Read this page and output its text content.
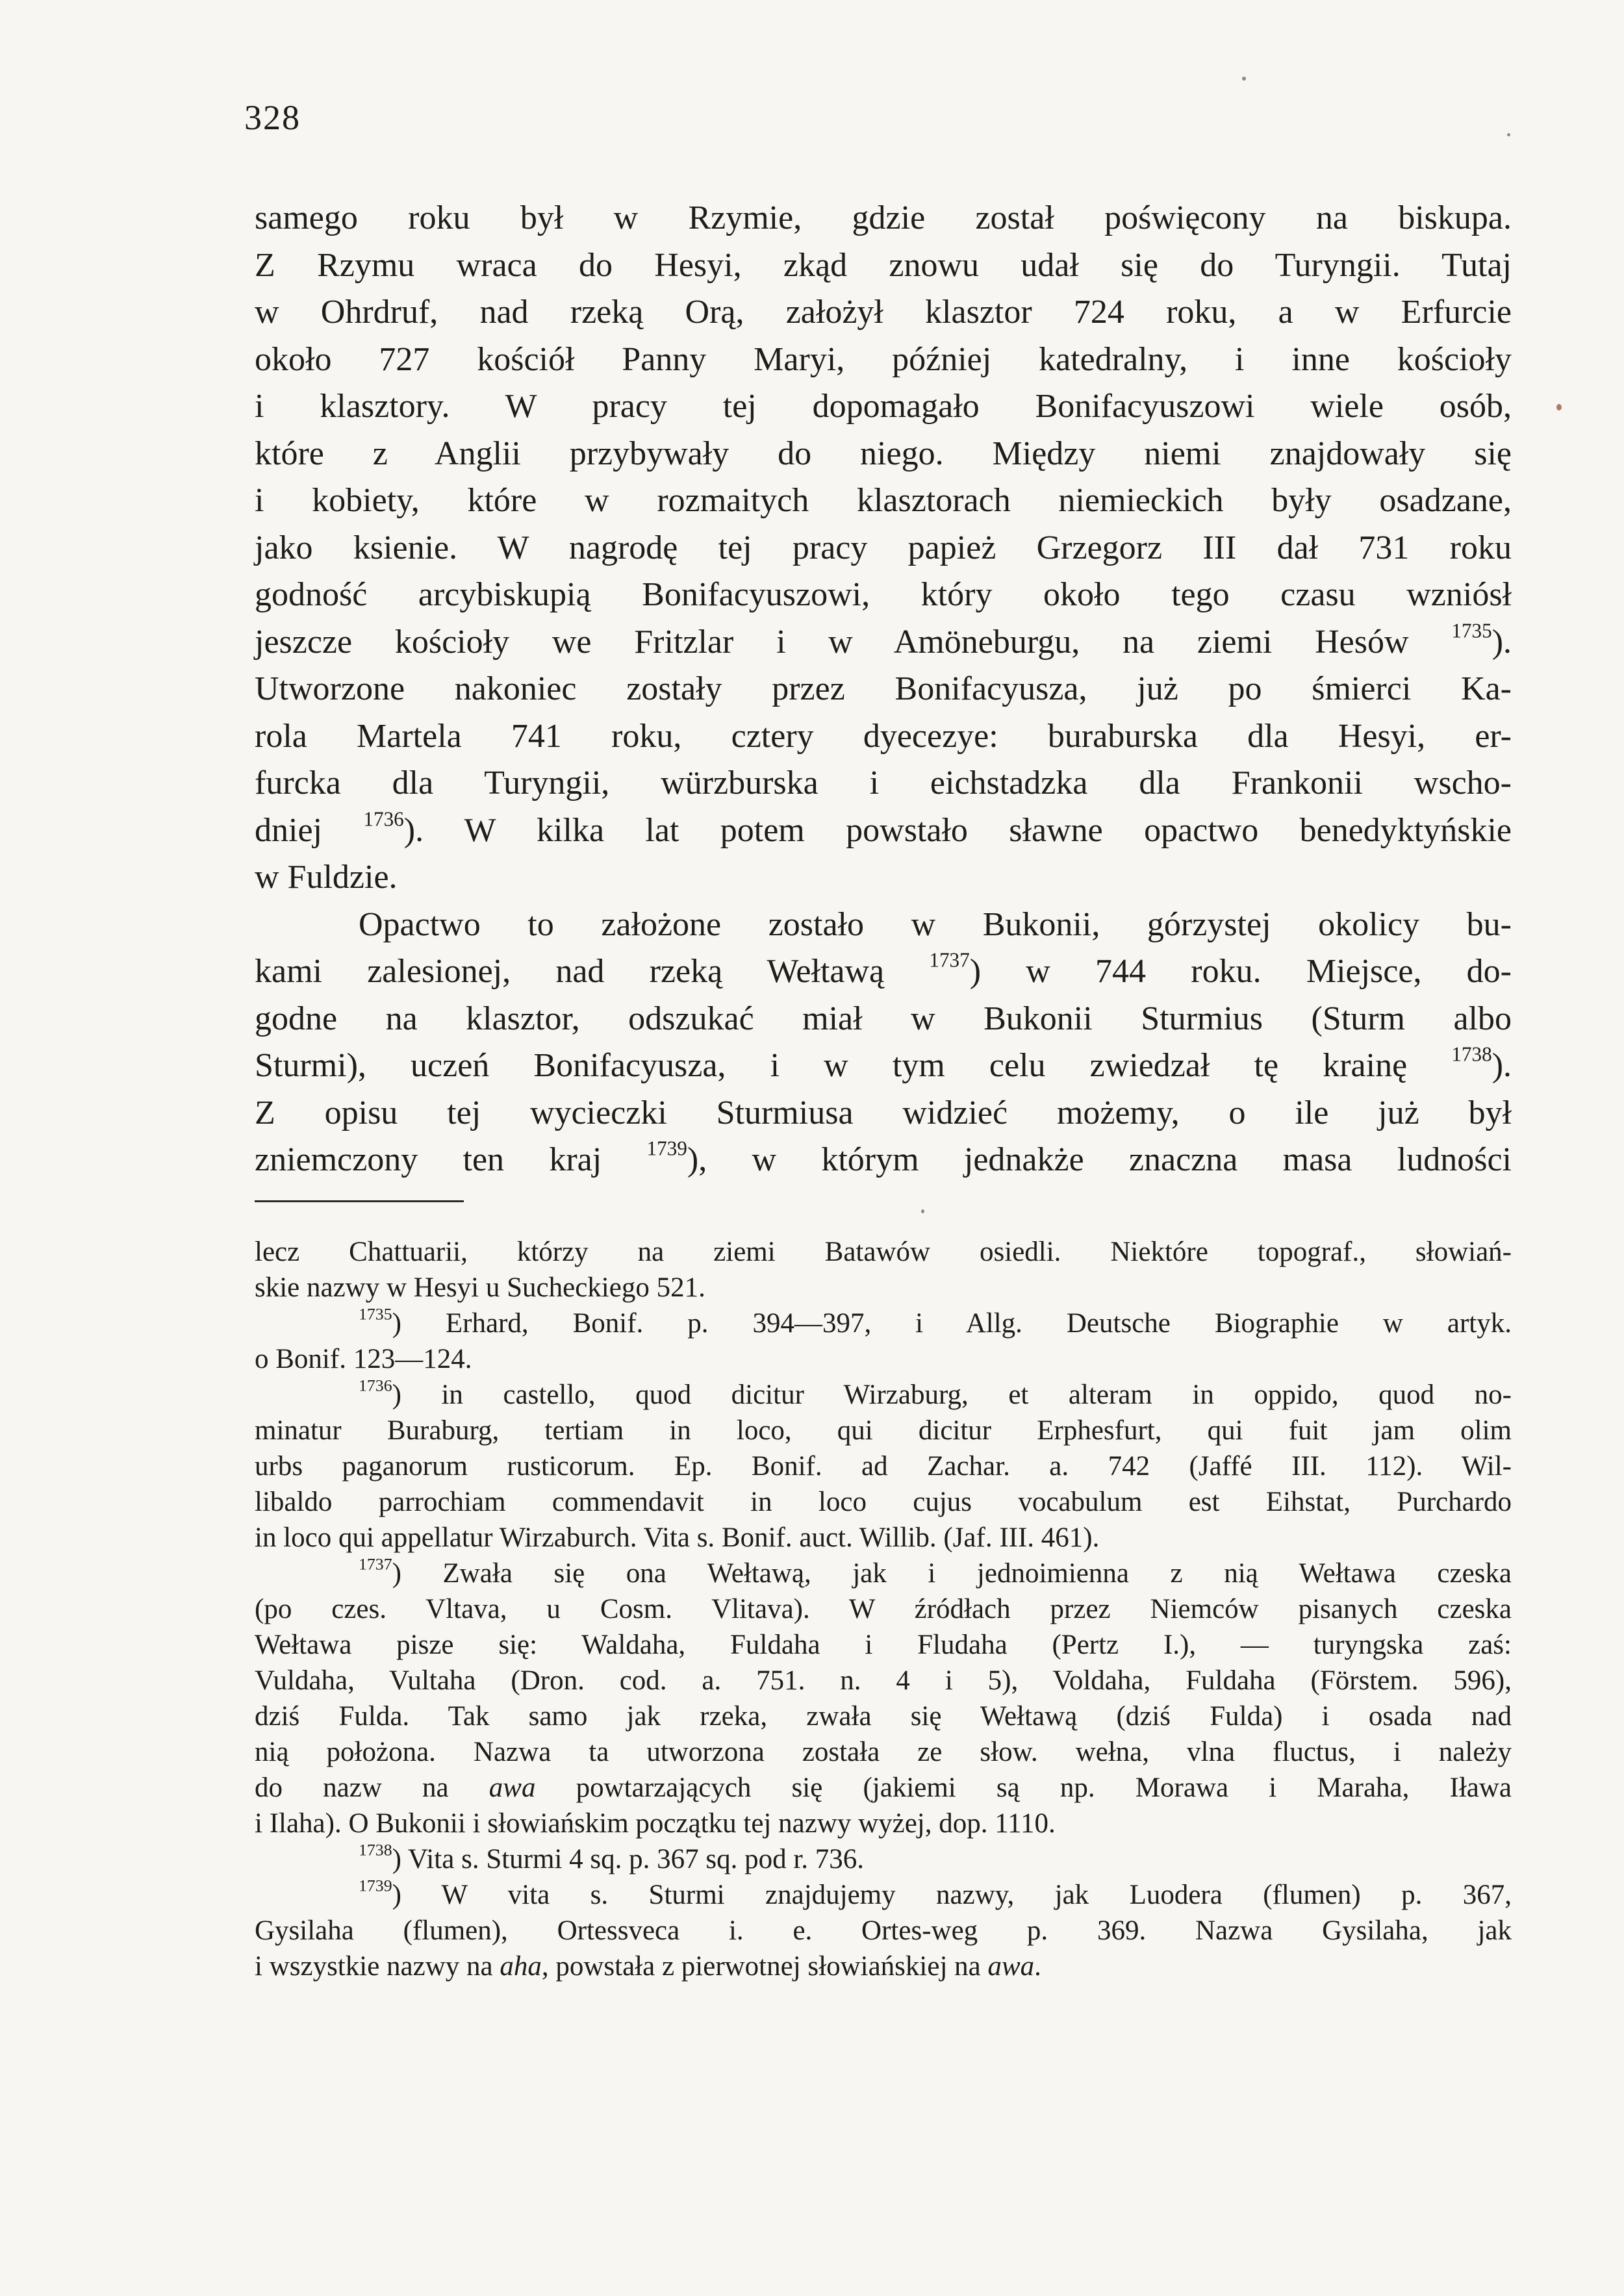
328

samego roku był w Rzymie, gdzie został poświęcony na biskupa.

Z Rzymu wraca do Hesyi, zkąd znowu udał się do Turyngii. Tutaj

w Ohrdruf, nad rzeką Orą, założył klasztor 724 roku, a w Erfurcie

około 727 kościół Panny Maryi, później katedralny, i inne kościoły

i klasztory. W pracy tej dopomagało Bonifacyuszowi wiele osób,

które z Anglii przybywały do niego. Między niemi znajdowały się

i kobiety, które w rozmaitych klasztorach niemieckich były osadzane,

jako ksienie. W nagrodę tej pracy papież Grzegorz III dał 731 roku

godność arcybiskupią Bonifacyuszowi, który około tego czasu wzniósł

jeszcze kościoły we Fritzlar i w Amöneburgu, na ziemi Hesów $^{1735}$).

Utworzone nakoniec zostały przez Bonifacyusza, już po śmierci Ka-

rola Martela 741 roku, cztery dyecezye: buraburska dla Hesyi, er-

furcka dla Turyngii, würzburska i eichstadzka dla Frankonii wscho-

dniej $^{1736}$). W kilka lat potem powstało sławne opactwo benedyktyńskie

w Fuldzie.

Opactwo to założone zostało w Bukonii, górzystej okolicy bu-

kami zalesionej, nad rzeką Wełtawą $^{1737}$) w 744 roku. Miejsce, do-

godne na klasztor, odszukać miał w Bukonii Sturmius (Sturm albo

Sturmi), uczeń Bonifacyusza, i w tym celu zwiedzał tę krainę $^{1738}$).

Z opisu tej wycieczki Sturmiusa widzieć możemy, o ile już był

zniemczony ten kraj $^{1739}$), w którym jednakże znaczna masa ludności

lecz Chattuarii, którzy na ziemi Batawów osiedli. Niektóre topograf., słowiań-

skie nazwy w Hesyi u Sucheckiego 521.

$^{1735}$) Erhard, Bonif. p. 394—397, i Allg. Deutsche Biographie w artyk.

o Bonif. 123—124.

$^{1736}$) in castello, quod dicitur Wirzaburg, et alteram in oppido, quod no-

minatur Buraburg, tertiam in loco, qui dicitur Erphesfurt, qui fuit jam olim

urbs paganorum rusticorum. Ep. Bonif. ad Zachar. a. 742 (Jaffé III. 112). Wil-

libaldo parrochiam commendavit in loco cujus vocabulum est Eihstat, Purchardo

in loco qui appellatur Wirzaburch. Vita s. Bonif. auct. Willib. (Jaf. III. 461).

$^{1737}$) Zwała się ona Wełtawą, jak i jednoimienna z nią Wełtawa czeska

(po czes. Vltava, u Cosm. Vlitava). W źródłach przez Niemców pisanych czeska

Wełtawa pisze się: Waldaha, Fuldaha i Fludaha (Pertz I.), — turyngska zaś:

Vuldaha, Vultaha (Dron. cod. a. 751. n. 4 i 5), Voldaha, Fuldaha (Förstem. 596),

dziś Fulda. Tak samo jak rzeka, zwała się Wełtawą (dziś Fulda) i osada nad

nią położona. Nazwa ta utworzona została ze słow. wełna, vlna fluctus, i należy

do nazw na awa powtarzających się (jakiemi są np. Morawa i Maraha, Iława

i Ilaha). O Bukonii i słowiańskim początku tej nazwy wyżej, dop. 1110.

$^{1738}$) Vita s. Sturmi 4 sq. p. 367 sq. pod r. 736.

$^{1739}$) W vita s. Sturmi znajdujemy nazwy, jak Luodera (flumen) p. 367,

Gysilaha (flumen), Ortessveca i. e. Ortes-weg p. 369. Nazwa Gysilaha, jak

i wszystkie nazwy na aha, powstała z pierwotnej słowiańskiej na awa.
